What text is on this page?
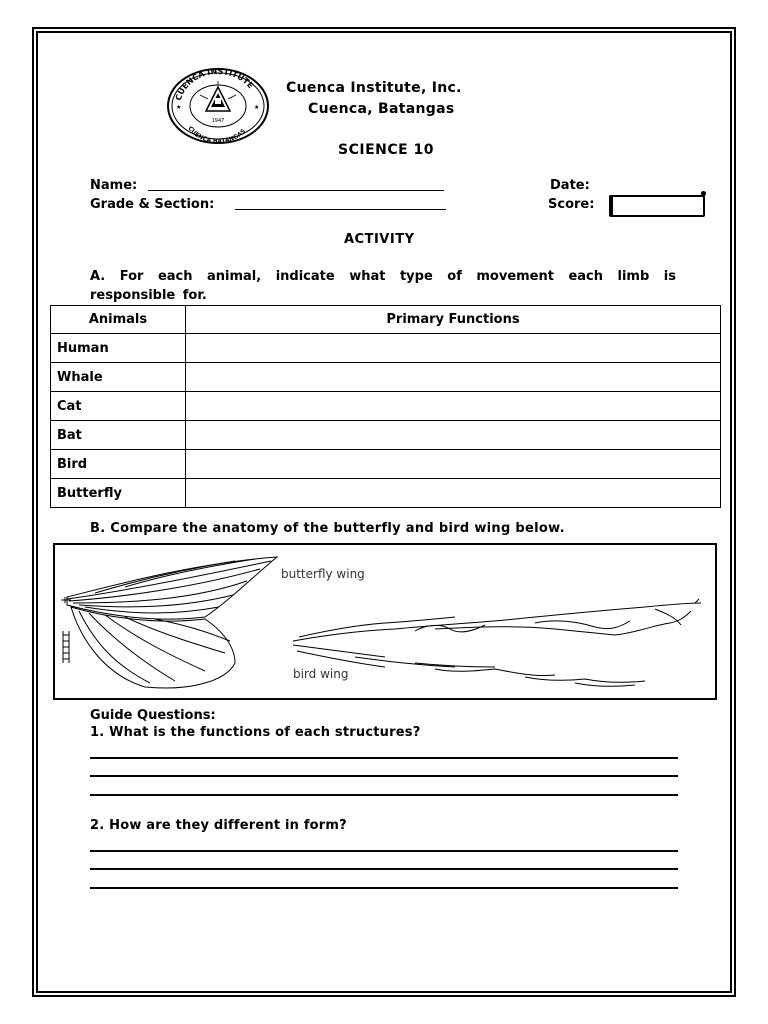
CUENCA INSTITUTE
CUENCA BATANGAS
1947
★	★
Cuenca Institute, Inc.
Cuenca, Batangas
SCIENCE 10
Name:
Grade & Section:
Date:
Score:
ACTIVITY
A. For each animal, indicate what type of movement each limb is responsible for.
Animals	Primary Functions
Human	
Whale	
Cat	
Bat	
Bird	
Butterfly	
B. Compare the anatomy of the butterfly and bird wing below.
butterfly wing
bird wing
Guide Questions:
1. What is the functions of each structures?
2. How are they different in form?
